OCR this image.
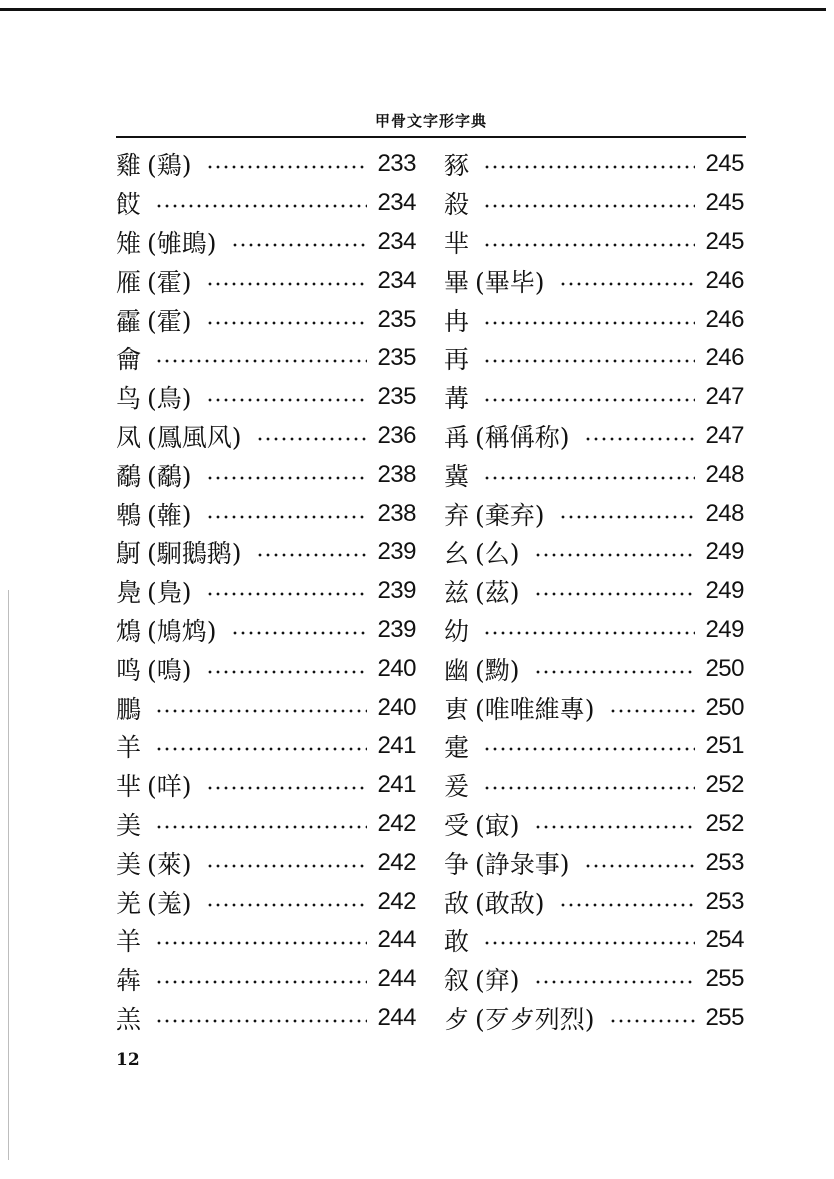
甲骨文字形字典
雞 (鶏)	233
餀	234
雉 (雊鴡)	234
雁 (霍)	234
靃 (霍)	235
龠	235
鸟 (鳥)	235
凤 (鳳風风)	236
鷸 (鷸)	238
鵯 (雗)	238
鴚 (駉鵝鹅)	239
鳧 (鳬)	239
鴆 (鳩鸩)	239
鸣 (鳴)	240
鵬	240
羊	241
芈 (咩)	241
美	242
美 (萊)	242
羌 (羗)	242
羊	244
犇	244
羔	244
豩	245
殺	245
芈	245
畢 (畢毕)	246
冉	246
再	246
冓	247
爯 (稱偁称)	247
冀	248
弃 (棄弃)	248
幺 (么)	249
兹 (茲)	249
幼	249
幽 (黝)	250
叀 (唯唯維專)	250
疐	251
爰	252
受 (㝡)	252
争 (諍彔事)	253
敌 (敢敌)	253
敢	254
叙 (穽)	255
歺 (歹歺列烈)	255
12
